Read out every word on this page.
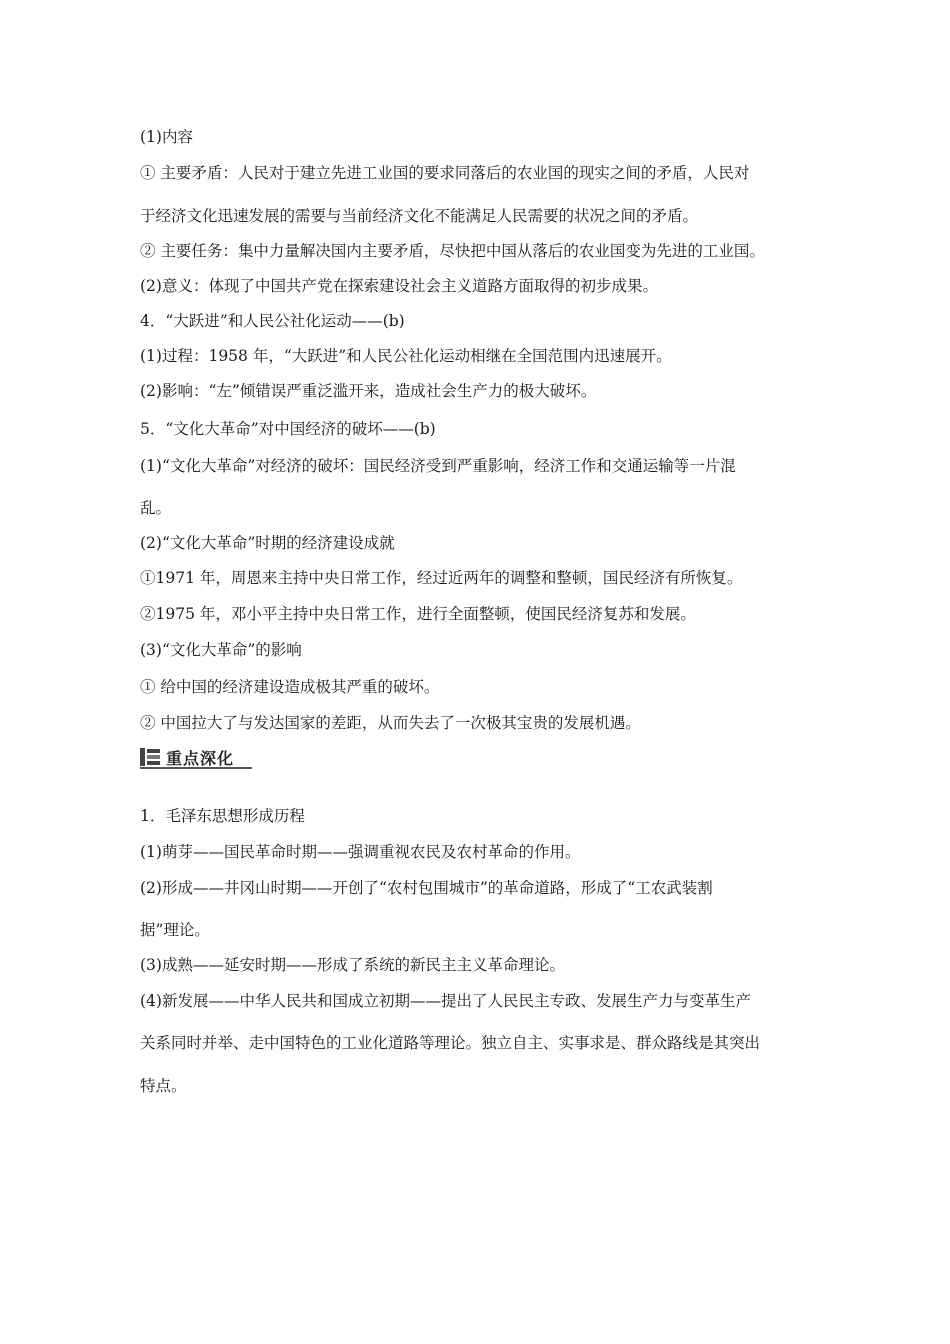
(1)内容
① 主要矛盾：人民对于建立先进工业国的要求同落后的农业国的现实之间的矛盾，人民对
于经济文化迅速发展的需要与当前经济文化不能满足人民需要的状况之间的矛盾。
② 主要任务：集中力量解决国内主要矛盾，尽快把中国从落后的农业国变为先进的工业国。
(2)意义：体现了中国共产党在探索建设社会主义道路方面取得的初步成果。
4．“大跃进”和人民公社化运动——(b)
(1)过程：1958 年，“大跃进”和人民公社化运动相继在全国范围内迅速展开。
(2)影响：“左”倾错误严重泛滥开来，造成社会生产力的极大破坏。
5．“文化大革命”对中国经济的破坏——(b)
(1)“文化大革命”对经济的破坏：国民经济受到严重影响，经济工作和交通运输等一片混
乱。
(2)“文化大革命”时期的经济建设成就
①1971 年，周恩来主持中央日常工作，经过近两年的调整和整顿，国民经济有所恢复。
②1975 年，邓小平主持中央日常工作，进行全面整顿，使国民经济复苏和发展。
(3)“文化大革命”的影响
① 给中国的经济建设造成极其严重的破坏。
② 中国拉大了与发达国家的差距，从而失去了一次极其宝贵的发展机遇。
重点深化
1．毛泽东思想形成历程
(1)萌芽——国民革命时期——强调重视农民及农村革命的作用。
(2)形成——井冈山时期——开创了“农村包围城市”的革命道路，形成了“工农武装割
据”理论。
(3)成熟——延安时期——形成了系统的新民主主义革命理论。
(4)新发展——中华人民共和国成立初期——提出了人民民主专政、发展生产力与变革生产
关系同时并举、走中国特色的工业化道路等理论。独立自主、实事求是、群众路线是其突出
特点。
